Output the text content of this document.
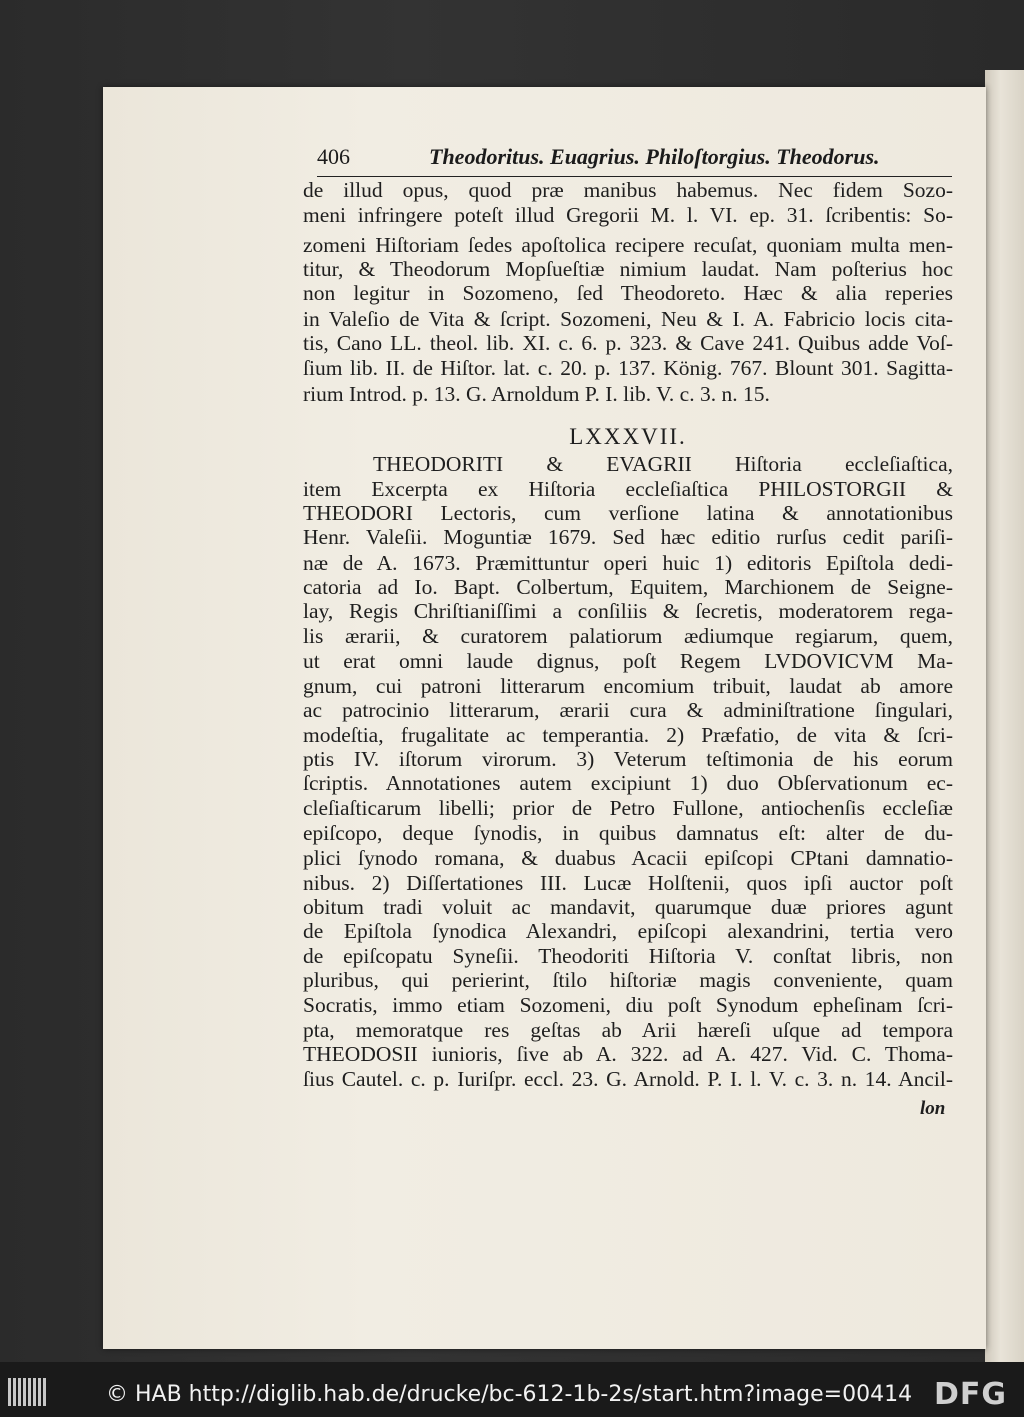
406	Theodoritus. Euagrius. Philoſtorgius. Theodorus.
de illud opus, quod præ manibus habemus. Nec fidem Sozo-
meni infringere poteſt illud Gregorii M. l. VI. ep. 31. ſcribentis: So-
zomeni Hiſtoriam ſedes apoſtolica recipere recuſat, quoniam multa men-
titur, & Theodorum Mopſueſtiæ nimium laudat. Nam poſterius hoc
non legitur in Sozomeno, ſed Theodoreto. Hæc & alia reperies
in Valeſio de Vita & ſcript. Sozomeni, Neu & I. A. Fabricio locis cita-
tis, Cano LL. theol. lib. XI. c. 6. p. 323. & Cave 241. Quibus adde Voſ-
ſium lib. II. de Hiſtor. lat. c. 20. p. 137. König. 767. Blount 301. Sagitta-
rium Introd. p. 13. G. Arnoldum P. I. lib. V. c. 3. n. 15.
LXXXVII.
THEODORITI & EVAGRII Hiſtoria eccleſiaſtica,
item Excerpta ex Hiſtoria eccleſiaſtica PHILOSTORGII &
THEODORI Lectoris, cum verſione latina & annotationibus
Henr. Valeſii. Moguntiæ 1679. Sed hæc editio rurſus cedit pariſi-
næ de A. 1673. Præmittuntur operi huic 1) editoris Epiſtola dedi-
catoria ad Io. Bapt. Colbertum, Equitem, Marchionem de Seigne-
lay, Regis Chriſtianiſſimi a conſiliis & ſecretis, moderatorem rega-
lis ærarii, & curatorem palatiorum ædiumque regiarum, quem,
ut erat omni laude dignus, poſt Regem LVDOVICVM Ma-
gnum, cui patroni litterarum encomium tribuit, laudat ab amore
ac patrocinio litterarum, ærarii cura & adminiſtratione ſingulari,
modeſtia, frugalitate ac temperantia. 2) Præfatio, de vita & ſcri-
ptis IV. iſtorum virorum. 3) Veterum teſtimonia de his eorum
ſcriptis. Annotationes autem excipiunt 1) duo Obſervationum ec-
cleſiaſticarum libelli; prior de Petro Fullone, antiochenſis eccleſiæ
epiſcopo, deque ſynodis, in quibus damnatus eſt: alter de du-
plici ſynodo romana, & duabus Acacii epiſcopi CPtani damnatio-
nibus. 2) Diſſertationes III. Lucæ Holſtenii, quos ipſi auctor poſt
obitum tradi voluit ac mandavit, quarumque duæ priores agunt
de Epiſtola ſynodica Alexandri, epiſcopi alexandrini, tertia vero
de epiſcopatu Syneſii. Theodoriti Hiſtoria V. conſtat libris, non
pluribus, qui perierint, ſtilo hiſtoriæ magis conveniente, quam
Socratis, immo etiam Sozomeni, diu poſt Synodum epheſinam ſcri-
pta, memoratque res geſtas ab Arii hæreſi uſque ad tempora
THEODOSII iunioris, ſive ab A. 322. ad A. 427. Vid. C. Thoma-
ſius Cautel. c. p. Iuriſpr. eccl. 23. G. Arnold. P. I. l. V. c. 3. n. 14. Ancil-
lon
© HAB http://diglib.hab.de/drucke/bc-612-1b-2s/start.htm?image=00414 DFG
